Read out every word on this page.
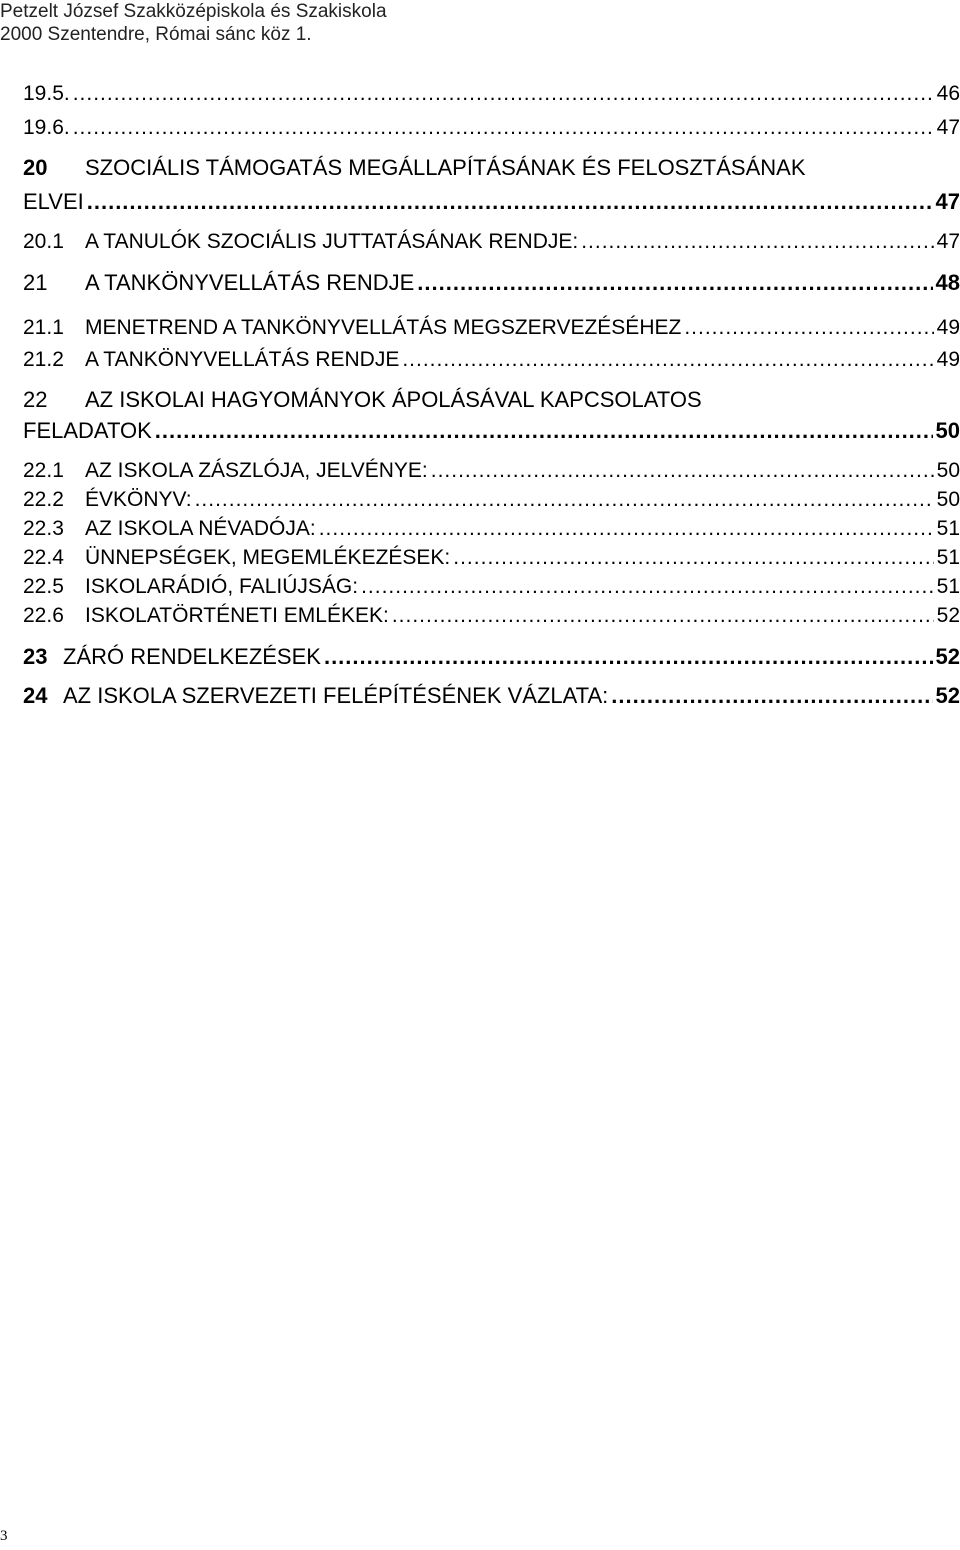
Petzelt József Szakközépiskola és Szakiskola
2000 Szentendre, Római sánc köz 1.
19.5. .....	46
19.6. .....	47
20 SZOCIÁLIS TÁMOGATÁS MEGÁLLAPÍTÁSÁNAK ÉS FELOSZTÁSÁNAK
ELVEI .....	47
20.1	A TANULÓK SZOCIÁLIS JUTTATÁSÁNAK RENDJE: .....	47
21	A TANKÖNYVELLÁTÁS RENDJE .....	48
21.1	MENETREND A TANKÖNYVELLÁTÁS MEGSZERVEZÉSÉHEZ .....	49
21.2	A TANKÖNYVELLÁTÁS RENDJE .....	49
22 AZ ISKOLAI HAGYOMÁNYOK ÁPOLÁSÁVAL KAPCSOLATOS
FELADATOK .....	50
22.1	AZ ISKOLA ZÁSZLÓJA, JELVÉNYE: .....	50
22.2	ÉVKÖNYV: .....	50
22.3	AZ ISKOLA NÉVADÓJA: .....	51
22.4	ÜNNEPSÉGEK, MEGEMLÉKEZÉSEK: .....	51
22.5	ISKOLARÁDIÓ, FALIÚJSÁG: .....	51
22.6	ISKOLATÖRTÉNETI EMLÉKEK: .....	52
23 ZÁRÓ RENDELKEZÉSEK .....	52
24 AZ ISKOLA SZERVEZETI FELÉPÍTÉSÉNEK VÁZLATA: .....	52
3
